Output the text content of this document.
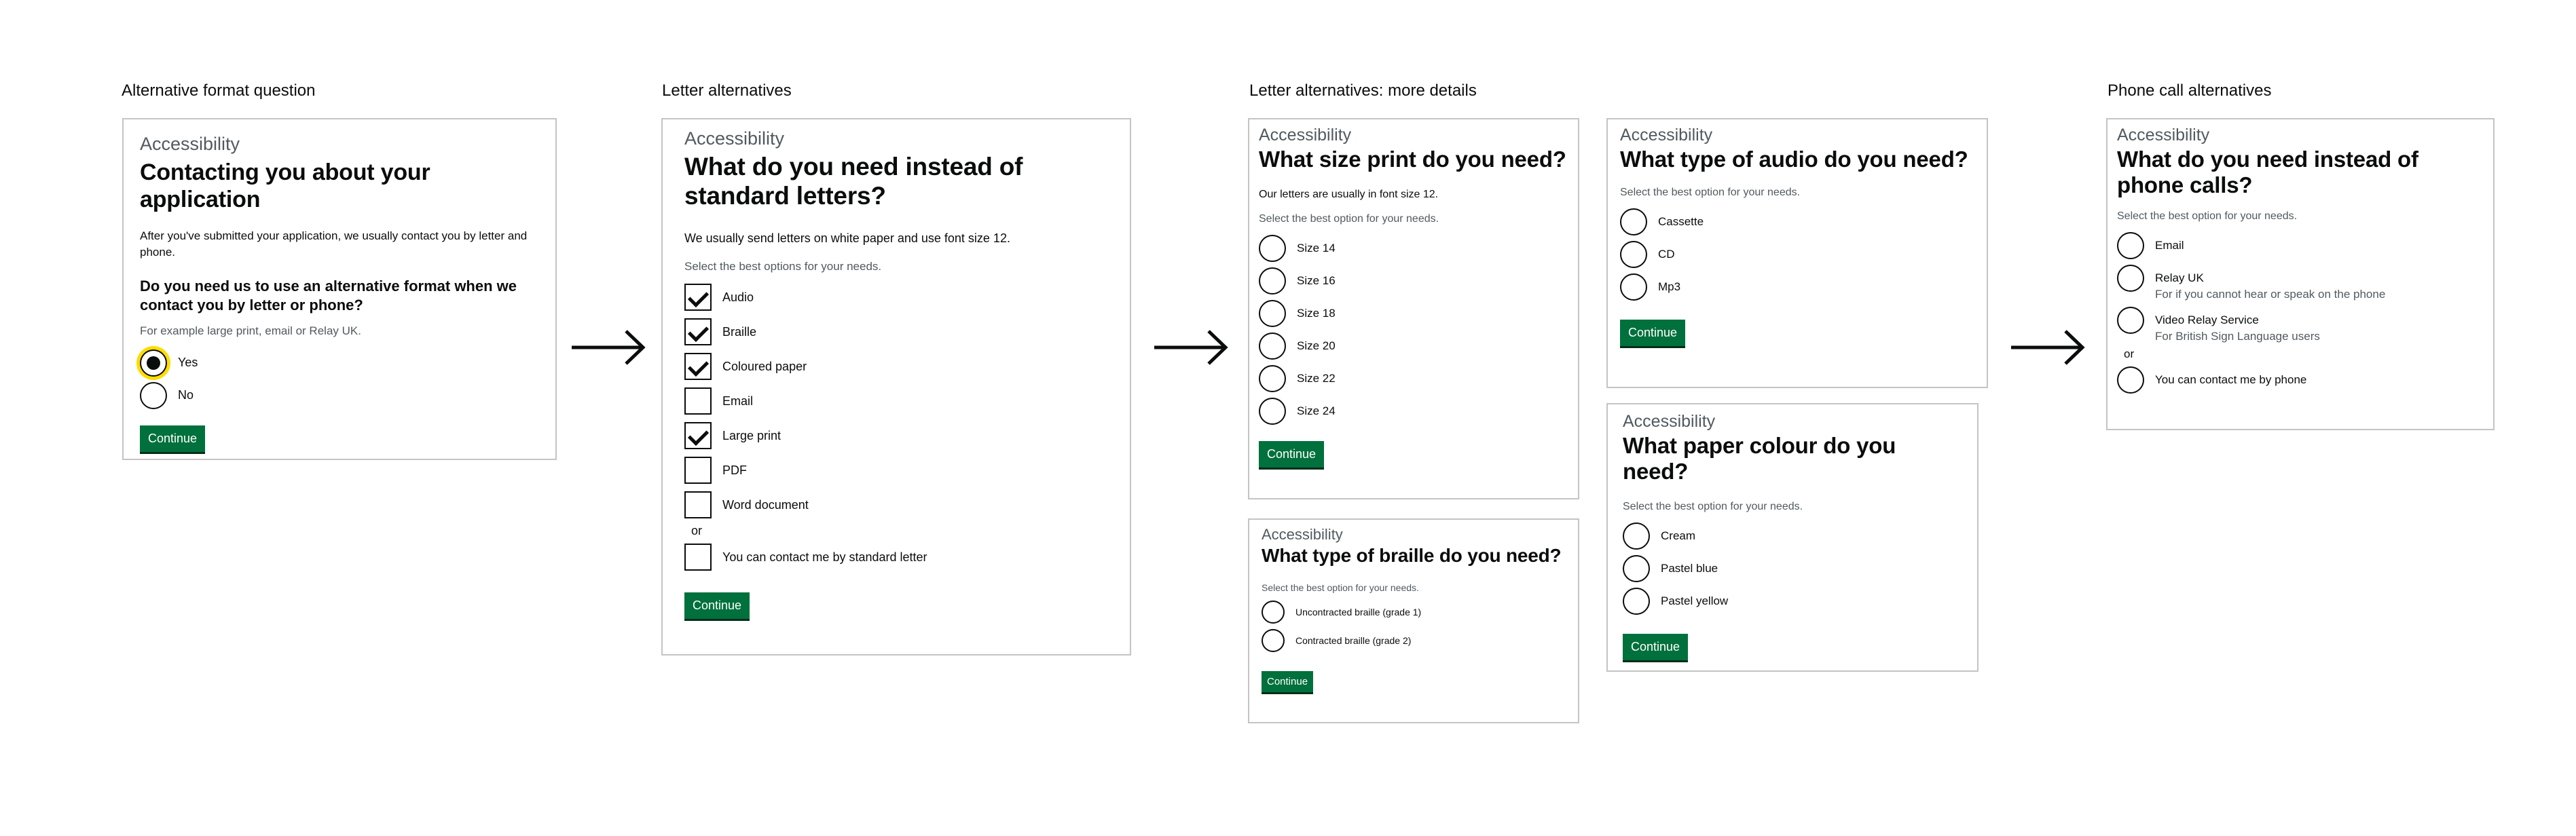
Alternative format question	Letter alternatives	Letter alternatives: more details	Phone call alternatives
Accessibility
Contacting you about your application
After you've submitted your application, we usually contact you by letter and phone.
Do you need us to use an alternative format when we contact you by letter or phone?
For example large print, email or Relay UK.
Yes
No
Continue
Accessibility
What do you need instead of standard letters?
We usually send letters on white paper and use font size 12.
Select the best options for your needs.
Audio
Braille
Coloured paper
Email
Large print
PDF
Word document
or
You can contact me by standard letter
Continue
Accessibility
What size print do you need?
Our letters are usually in font size 12.
Select the best option for your needs.
Size 14
Size 16
Size 18
Size 20
Size 22
Size 24
Continue
Accessibility
What type of braille do you need?
Select the best option for your needs.
Uncontracted braille (grade 1)
Contracted braille (grade 2)
Continue
Accessibility
What type of audio do you need?
Select the best option for your needs.
Cassette
CD
Mp3
Continue
Accessibility
What paper colour do you need?
Select the best option for your needs.
Cream
Pastel blue
Pastel yellow
Continue
Accessibility
What do you need instead of phone calls?
Select the best option for your needs.
Email
Relay UK
For if you cannot hear or speak on the phone
Video Relay Service
For British Sign Language users
or
You can contact me by phone
